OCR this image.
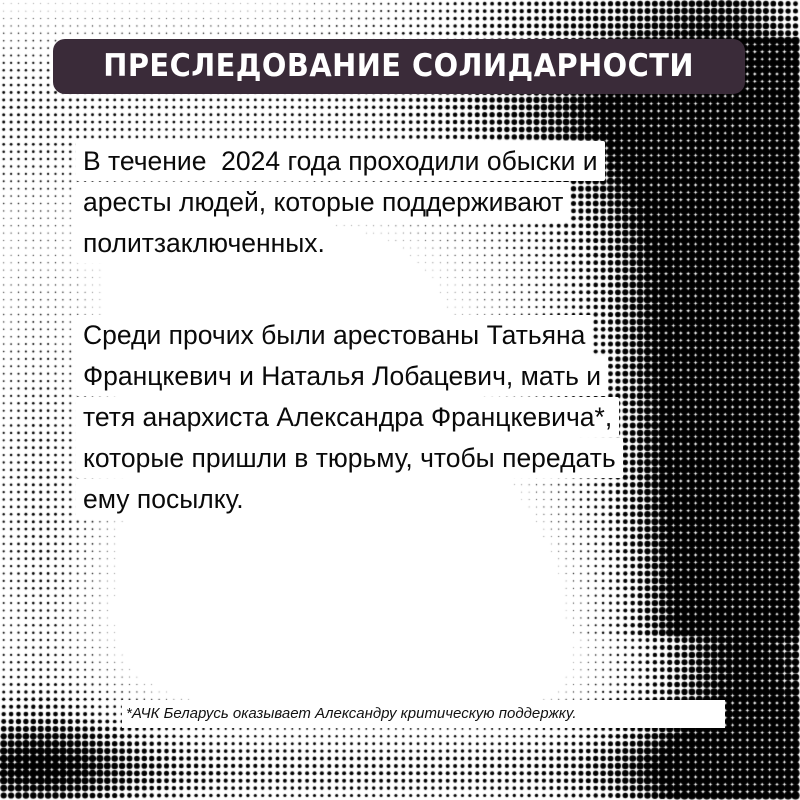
ПРЕСЛЕДОВАНИЕ СОЛИДАРНОСТИ
В течение  2024 года проходили обыски и
аресты людей, которые поддерживают
политзаключенных.
Среди прочих были арестованы Татьяна
Францкевич и Наталья Лобацевич, мать и
тетя анархиста Александра Францкевича*,
которые пришли в тюрьму, чтобы передать
ему посылку.
*АЧК Беларусь оказывает Александру критическую поддержку.
